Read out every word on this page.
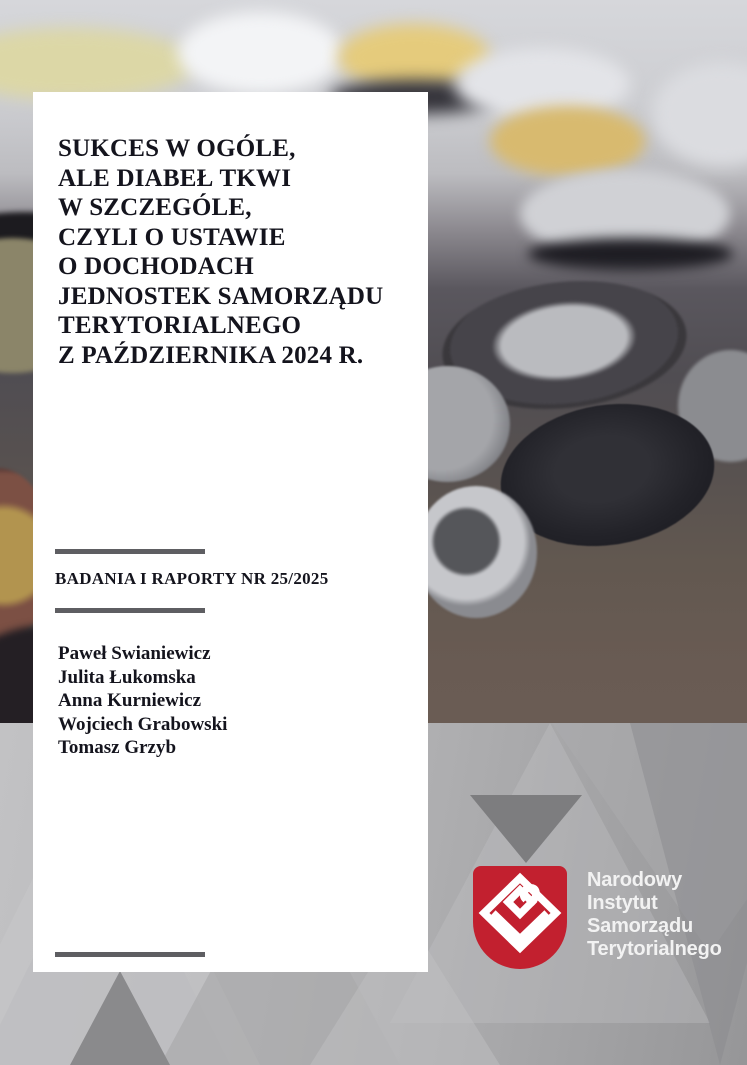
SUKCES W OGÓLE,
ALE DIABEŁ TKWI
W SZCZEGÓLE,
CZYLI O USTAWIE
O DOCHODACH
JEDNOSTEK SAMORZĄDU
TERYTORIALNEGO
Z PAŹDZIERNIKA 2024 R.
BADANIA I RAPORTY NR 25/2025
Paweł Swianiewicz
Julita Łukomska
Anna Kurniewicz
Wojciech Grabowski
Tomasz Grzyb
Narodowy
Instytut
Samorządu
Terytorialnego
